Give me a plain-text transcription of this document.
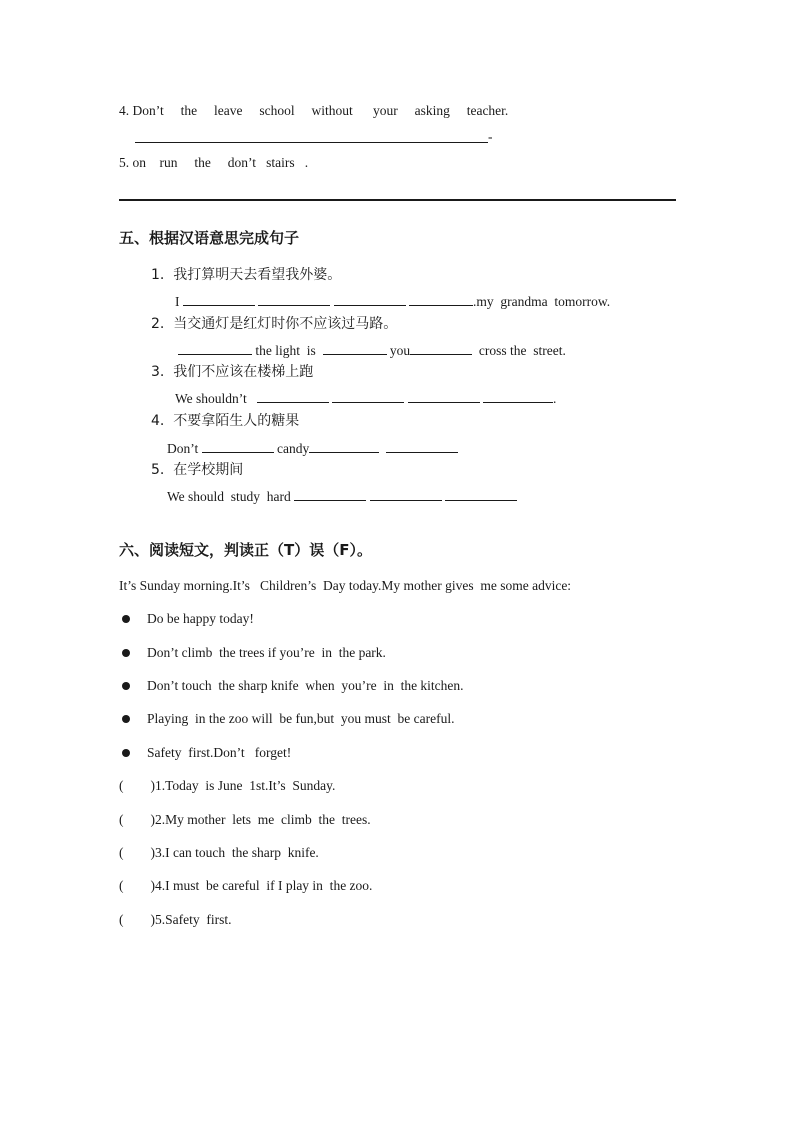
4. Don’t     the     leave     school     without      your     asking     teacher.
-
5. on    run     the     don’t   stairs   .
五、根据汉语意思完成句子
1.  我打算明天去看望我外婆。
I	.my  grandma  tomorrow.
2.  当交通灯是红灯时你不应该过马路。
the light  is	you	cross the  street.
3.  我们不应该在楼梯上跑
We shouldn’t	.
4.  不要拿陌生人的糖果
Don’t	candy
5.  在学校期间
We should  study  hard
六、阅读短文，判读正（T）误（F）。
It’s Sunday morning.It’s   Children’s  Day today.My mother gives  me some advice:
Do be happy today!
Don’t climb  the trees if you’re  in  the park.
Don’t touch  the sharp knife  when  you’re  in  the kitchen.
Playing  in the zoo will  be fun,but  you must  be careful.
Safety  first.Don’t   forget!
(        )1.Today  is June  1st.It’s  Sunday.
(        )2.My mother  lets  me  climb  the  trees.
(        )3.I can touch  the sharp  knife.
(        )4.I must  be careful  if I play in  the zoo.
(        )5.Safety  first.
